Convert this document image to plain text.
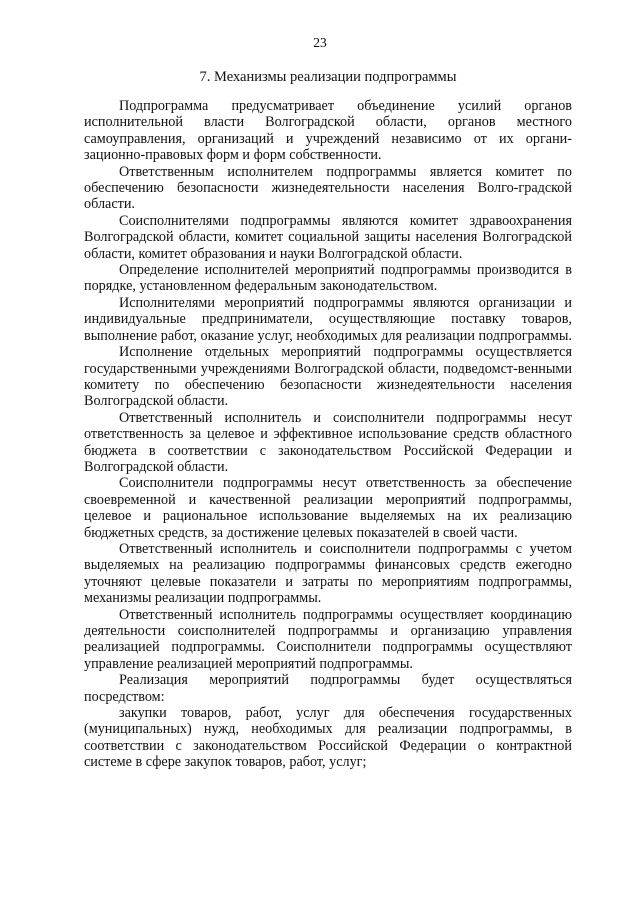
23
7. Механизмы реализации подпрограммы

Подпрограмма предусматривает объединение усилий органов исполнительной власти Волгоградской области, органов местного самоуправления, организаций и учреждений независимо от их органи-зационно-правовых форм и форм собственности.

Ответственным исполнителем подпрограммы является комитет по обеспечению безопасности жизнедеятельности населения Волго-градской области.

Соисполнителями подпрограммы являются комитет здравоохранения Волгоградской области, комитет социальной защиты населения Волгоградской области, комитет образования и науки Волгоградской области.

Определение исполнителей мероприятий подпрограммы производится в порядке, установленном федеральным законодательством.

Исполнителями мероприятий подпрограммы являются организации и индивидуальные предприниматели, осуществляющие поставку товаров, выполнение работ, оказание услуг, необходимых для реализации подпрограммы.

Исполнение отдельных мероприятий подпрограммы осуществляется государственными учреждениями Волгоградской области, подведомст-венными комитету по обеспечению безопасности жизнедеятельности населения Волгоградской области.

Ответственный исполнитель и соисполнители подпрограммы несут ответственность за целевое и эффективное использование средств областного бюджета в соответствии с законодательством Российской Федерации и Волгоградской области.

Соисполнители подпрограммы несут ответственность за обеспечение своевременной и качественной реализации мероприятий подпрограммы, целевое и рациональное использование выделяемых на их реализацию бюджетных средств, за достижение целевых показателей в своей части.

Ответственный исполнитель и соисполнители подпрограммы с учетом выделяемых на реализацию подпрограммы финансовых средств ежегодно уточняют целевые показатели и затраты по мероприятиям подпрограммы, механизмы реализации подпрограммы.

Ответственный исполнитель подпрограммы осуществляет координацию деятельности соисполнителей подпрограммы и организацию управления реализацией подпрограммы. Соисполнители подпрограммы осуществляют управление реализацией мероприятий подпрограммы.

Реализация мероприятий подпрограммы будет осуществляться посредством:

закупки товаров, работ, услуг для обеспечения государственных (муниципальных) нужд, необходимых для реализации подпрограммы, в соответствии с законодательством Российской Федерации о контрактной системе в сфере закупок товаров, работ, услуг;
